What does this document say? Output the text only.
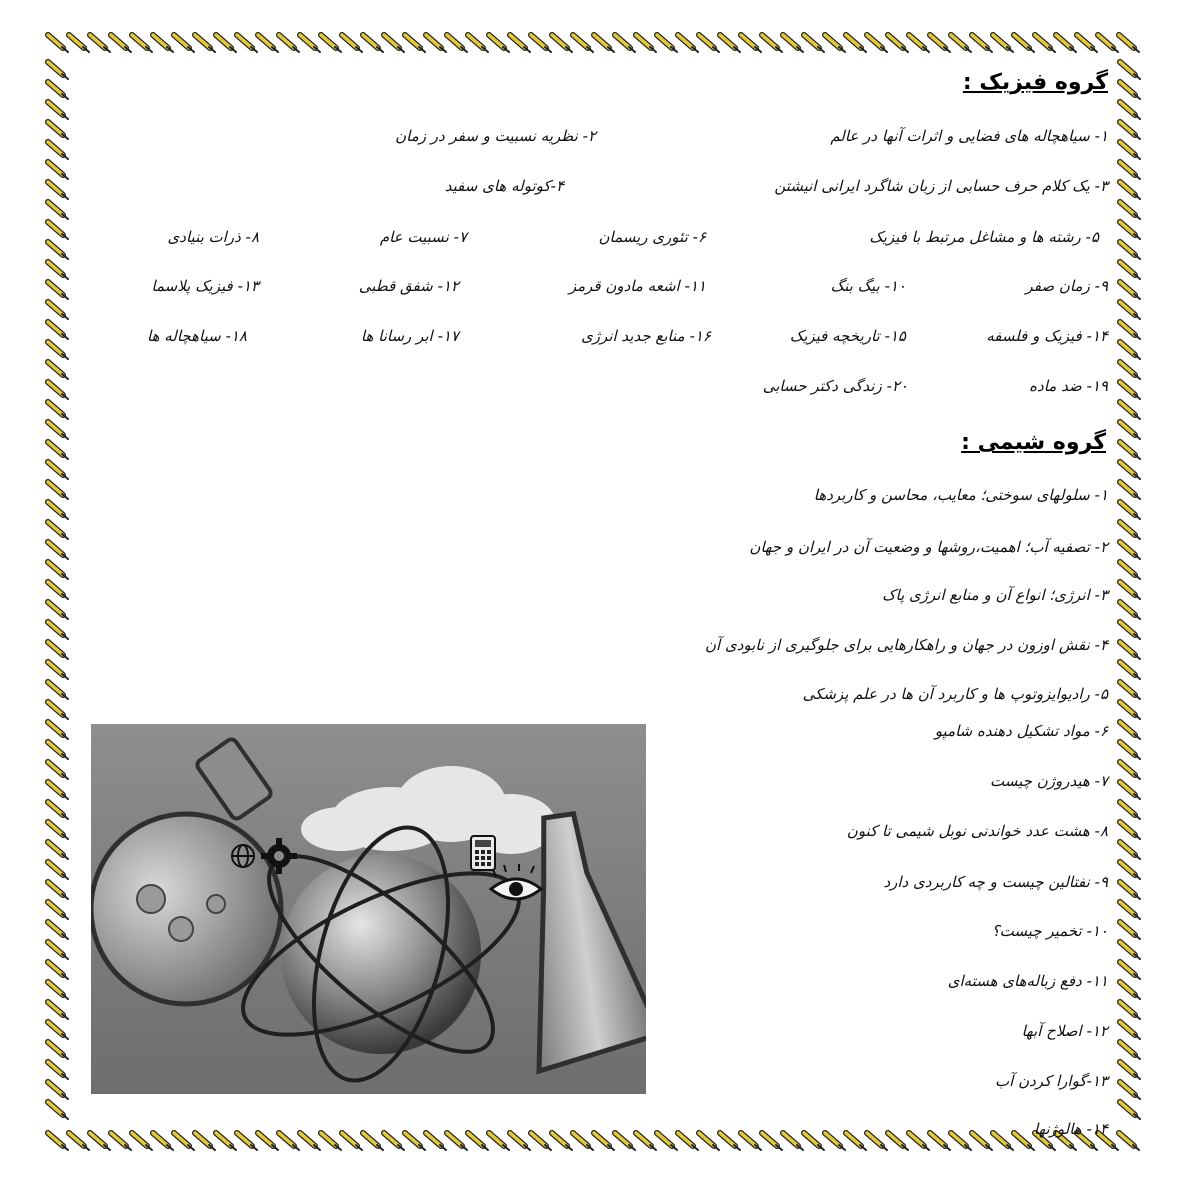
گروه فیزیک :
۱- سیاهچاله های فضایی و اثرات آنها در عالم
۲- نظریه نسبیت و سفر در زمان
۳- یک کلام حرف حسابی از زبان شاگرد ایرانی انیشتن
۴-کوتوله های سفید
۵- رشته ها و مشاغل مرتبط با فیزیک
۶- تئوری ریسمان
۷- نسبیت عام
۸- ذرات بنیادی
۹- زمان صفر
۱۰- بیگ بنگ
۱۱- اشعه مادون قرمز
۱۲- شفق قطبی
۱۳- فیزیک پلاسما
۱۴- فیزیک و فلسفه
۱۵- تاریخچه فیزیک
۱۶- منابع جدید انرژی
۱۷- ابر رسانا ها
۱۸- سیاهچاله ها
۱۹- ضد ماده
۲۰- زندگی دکتر حسابی
گروه شیمی :
۱- سلولهای سوختی؛ معایب، محاسن و کاربردها
۲- تصفیه آب؛ اهمیت،روشها و وضعیت آن در ایران و جهان
۳- انرژی؛ انواع آن و منابع انرژی پاک
۴- نقش اوزون در جهان و راهکارهایی برای جلوگیری از نابودی آن
۵- رادیوایزوتوپ ها و کاربرد آن ها در علم پزشکی
۶- مواد تشکیل دهنده شامپو
۷- هیدروژن چیست
۸- هشت عدد خواندنی نوبل شیمی تا کنون
۹- نفتالین چیست و چه کاربردی دارد
۱۰- تخمیر چیست؟
۱۱- دفع زباله‌های هسته‌ای
۱۲- اصلاح آبها
۱۳-گوارا کردن آب
۱۴- هالوژنها
